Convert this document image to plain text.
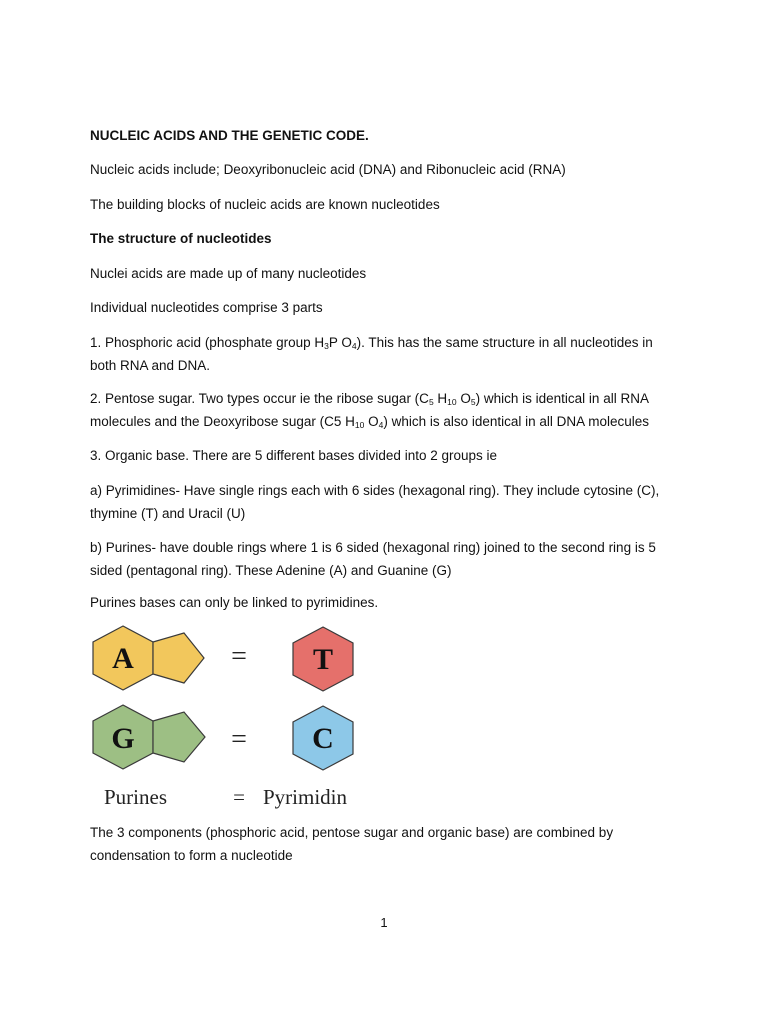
NUCLEIC ACIDS AND THE GENETIC CODE.

Nucleic acids include; Deoxyribonucleic acid (DNA) and Ribonucleic acid (RNA)

The building blocks of nucleic acids are known nucleotides

The structure of nucleotides

Nuclei acids are made up of many nucleotides

Individual nucleotides comprise 3 parts

1. Phosphoric acid (phosphate group $H_3P$ $O_4$). This has the same structure in all nucleotides in both RNA and DNA.

2. Pentose sugar. Two types occur ie the ribose sugar ($C_5$ $H_{10}$ $O_5$) which is identical in all RNA molecules and the Deoxyribose sugar (C5 $H_{10}$ $O_4$) which is also identical in all DNA molecules

3. Organic base. There are 5 different bases divided into 2 groups ie

a) Pyrimidines- Have single rings each with 6 sides (hexagonal ring). They include cytosine (C), thymine (T) and Uracil (U)

b) Purines- have double rings where 1 is 6 sided (hexagonal ring) joined to the second ring is 5 sided (pentagonal ring). These Adenine (A) and Guanine (G)

Purines bases can only be linked to pyrimidines.

A	= T
G	= C
Purines	= Pyrimidin

The 3 components (phosphoric acid, pentose sugar and organic base) are combined by condensation to form a nucleotide

1
